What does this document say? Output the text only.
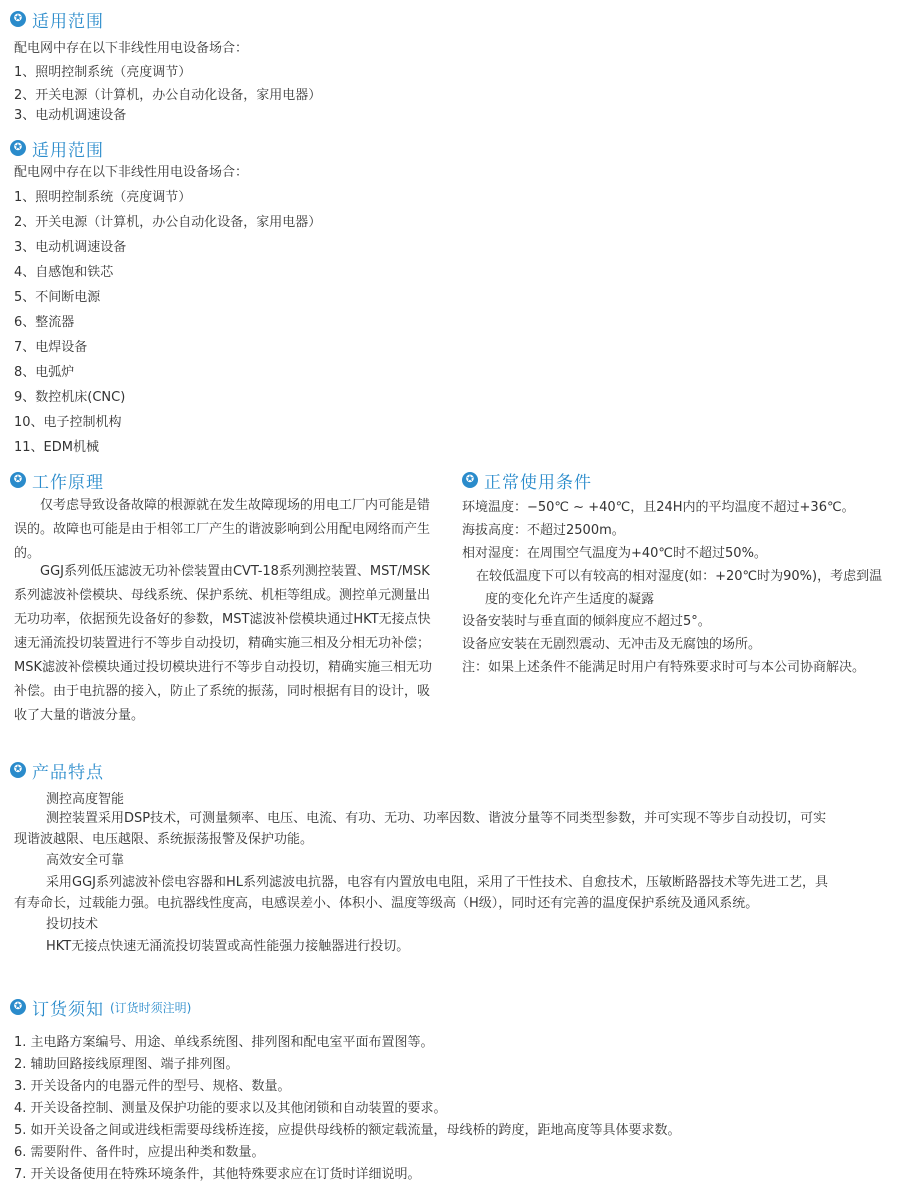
✪ 适用范围
配电网中存在以下非线性用电设备场合：
1、照明控制系统（亮度调节）
2、开关电源（计算机，办公自动化设备，家用电器）
3、电动机调速设备
✪ 适用范围
配电网中存在以下非线性用电设备场合：
1、照明控制系统（亮度调节）
2、开关电源（计算机，办公自动化设备，家用电器）
3、电动机调速设备
4、自感饱和铁芯
5、不间断电源
6、整流器
7、电焊设备
8、电弧炉
9、数控机床(CNC)
10、电子控制机构
11、EDM机械
✪ 工作原理
　　仅考虑导致设备故障的根源就在发生故障现场的用电工厂内可能是错误的。故障也可能是由于相邻工厂产生的谐波影响到公用配电网络而产生的。
　　GGJ系列低压滤波无功补偿装置由CVT-18系列测控装置、MST/MSK系列滤波补偿模块、母线系统、保护系统、机柜等组成。测控单元测量出无功功率，依据预先设备好的参数，MST滤波补偿模块通过HKT无接点快速无涌流投切装置进行不等步自动投切，精确实施三相及分相无功补偿；MSK滤波补偿模块通过投切模块进行不等步自动投切，精确实施三相无功补偿。由于电抗器的接入，防止了系统的振荡，同时根据有目的设计，吸收了大量的谐波分量。
✪ 正常使用条件
环境温度：−50℃ ~ +40℃，且24H内的平均温度不超过+36℃。
海拔高度：不超过2500m。
相对湿度：在周围空气温度为+40℃时不超过50%。
在较低温度下可以有较高的相对湿度(如：+20℃时为90%)，考虑到温
度的变化允许产生适度的凝露
设备安装时与垂直面的倾斜度应不超过5°。
设备应安装在无剧烈震动、无冲击及无腐蚀的场所。
注：如果上述条件不能满足时用户有特殊要求时可与本公司协商解决。
✪ 产品特点
测控高度智能
测控装置采用DSP技术，可测量频率、电压、电流、有功、无功、功率因数、谐波分量等不同类型参数，并可实现不等步自动投切，可实
现谐波越限、电压越限、系统振荡报警及保护功能。
高效安全可靠
采用GGJ系列滤波补偿电容器和HL系列滤波电抗器，电容有内置放电电阻，采用了干性技术、自愈技术，压敏断路器技术等先进工艺，具
有寿命长，过载能力强。电抗器线性度高，电感误差小、体积小、温度等级高（H级），同时还有完善的温度保护系统及通风系统。
投切技术
HKT无接点快速无涌流投切装置或高性能强力接触器进行投切。
✪ 订货须知 (订货时须注明)
1. 主电路方案编号、用途、单线系统图、排列图和配电室平面布置图等。
2. 辅助回路接线原理图、端子排列图。
3. 开关设备内的电器元件的型号、规格、数量。
4. 开关设备控制、测量及保护功能的要求以及其他闭锁和自动装置的要求。
5. 如开关设备之间或进线柜需要母线桥连接，应提供母线桥的额定载流量，母线桥的跨度，距地高度等具体要求数。
6. 需要附件、备件时，应提出种类和数量。
7. 开关设备使用在特殊环境条件，其他特殊要求应在订货时详细说明。
